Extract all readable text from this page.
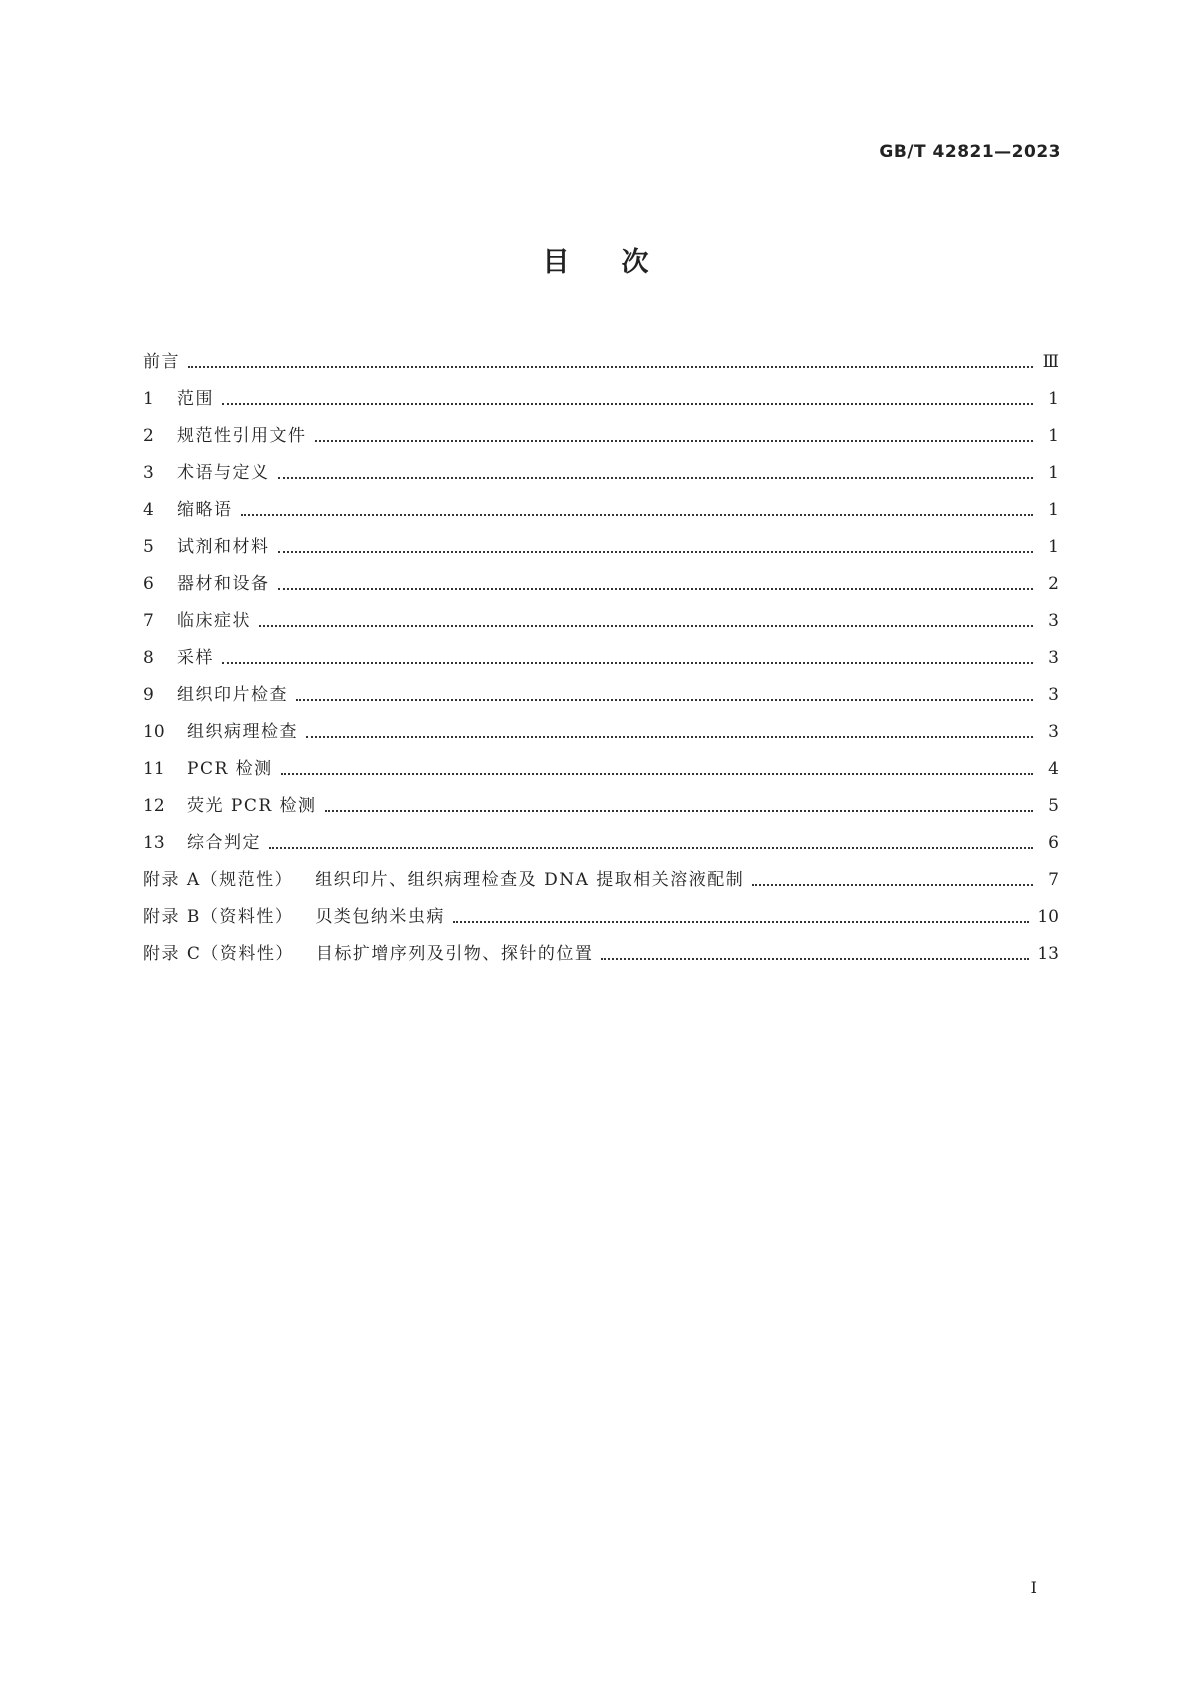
GB/T 42821—2023
目 次
前言	Ⅲ
1	范围	1
2	规范性引用文件	1
3	术语与定义	1
4	缩略语	1
5	试剂和材料	1
6	器材和设备	2
7	临床症状	3
8	采样	3
9	组织印片检查	3
10	组织病理检查	3
11	PCR 检测	4
12	荧光 PCR 检测	5
13	综合判定	6
附录 A（规范性） 组织印片、组织病理检查及 DNA 提取相关溶液配制	7
附录 B（资料性） 贝类包纳米虫病	10
附录 C（资料性） 目标扩增序列及引物、探针的位置	13
Ⅰ
